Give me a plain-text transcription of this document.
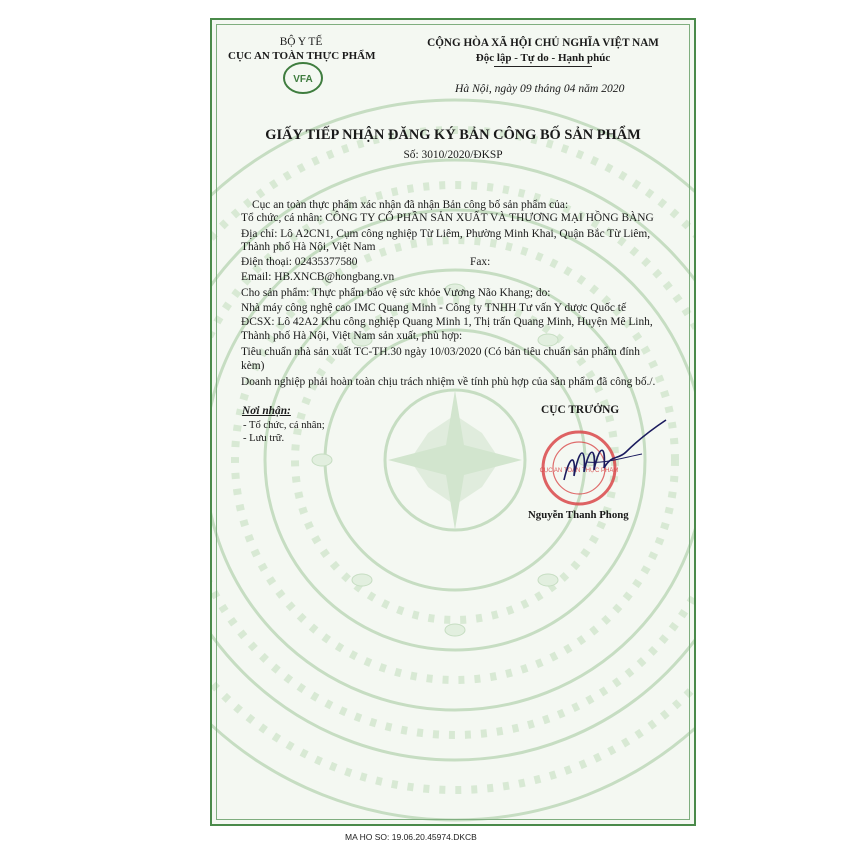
BỘ Y TẾ
CỤC AN TOÀN THỰC PHẨM
VFA
CỘNG HÒA XÃ HỘI CHỦ NGHĨA VIỆT NAM
Độc lập - Tự do - Hạnh phúc
Hà Nội, ngày 09 tháng 04 năm 2020
GIẤY TIẾP NHẬN ĐĂNG KÝ BẢN CÔNG BỐ SẢN PHẨM
Số: 3010/2020/ĐKSP
Cục an toàn thực phẩm xác nhận đã nhận Bản công bố sản phẩm của:
Tổ chức, cá nhân: CÔNG TY CỔ PHẦN SẢN XUẤT VÀ THƯƠNG MẠI HỒNG BÀNG
Địa chỉ: Lô A2CN1, Cụm công nghiệp Từ Liêm, Phường Minh Khai, Quận Bắc Từ Liêm,
Thành phố Hà Nội, Việt Nam
Điện thoại: 02435377580	Fax:
Email: HB.XNCB@hongbang.vn
Cho sản phẩm: Thực phẩm bảo vệ sức khỏe Vương Não Khang; do:
Nhà máy công nghệ cao IMC Quang Minh - Công ty TNHH Tư vấn Y dược Quốc tế
ĐCSX: Lô 42A2 Khu công nghiệp Quang Minh 1, Thị trấn Quang Minh, Huyện Mê Linh,
Thành phố Hà Nội, Việt Nam sản xuất, phù hợp:
Tiêu chuẩn nhà sản xuất TC-TH.30 ngày 10/03/2020 (Có bản tiêu chuẩn sản phẩm đính
kèm)
Doanh nghiệp phải hoàn toàn chịu trách nhiệm về tính phù hợp của sản phẩm đã công bố./.
Nơi nhận:
- Tổ chức, cá nhân;
- Lưu trữ.
CỤC TRƯỞNG
CỤC AN TOÀN THỰC PHẨM
Nguyễn Thanh Phong
MA HO SO: 19.06.20.45974.DKCB
